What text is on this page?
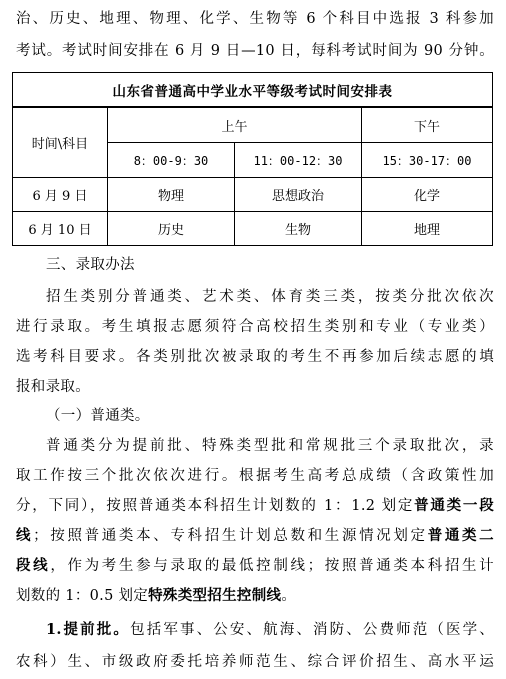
治、历史、地理、物理、化学、生物等 6 个科目中选报 3 科参加
考试。考试时间安排在 6 月 9 日—10 日，每科考试时间为 90 分钟。
山东省普通高中学业水平等级考试时间安排表			
时间\科目	上午		下午
	8：00-9：30	11：00-12：30	15：30-17：00
6 月 9 日	物理	思想政治	化学
6 月 10 日	历史	生物	地理
三、录取办法
招生类别分普通类、艺术类、体育类三类，按类分批次依次
进行录取。考生填报志愿须符合高校招生类别和专业（专业类）
选考科目要求。各类别批次被录取的考生不再参加后续志愿的填
报和录取。
（一）普通类。
普通类分为提前批、特殊类型批和常规批三个录取批次，录
取工作按三个批次依次进行。根据考生高考总成绩（含政策性加
分，下同），按照普通类本科招生计划数的 1：1.2 划定普通类一段
线；按照普通类本、专科招生计划总数和生源情况划定普通类二
段线，作为考生参与录取的最低控制线；按照普通类本科招生计
划数的 1：0.5 划定特殊类型招生控制线。
1.提前批。包括军事、公安、航海、消防、公费师范（医学、
农科）生、市级政府委托培养师范生、综合评价招生、高水平运
